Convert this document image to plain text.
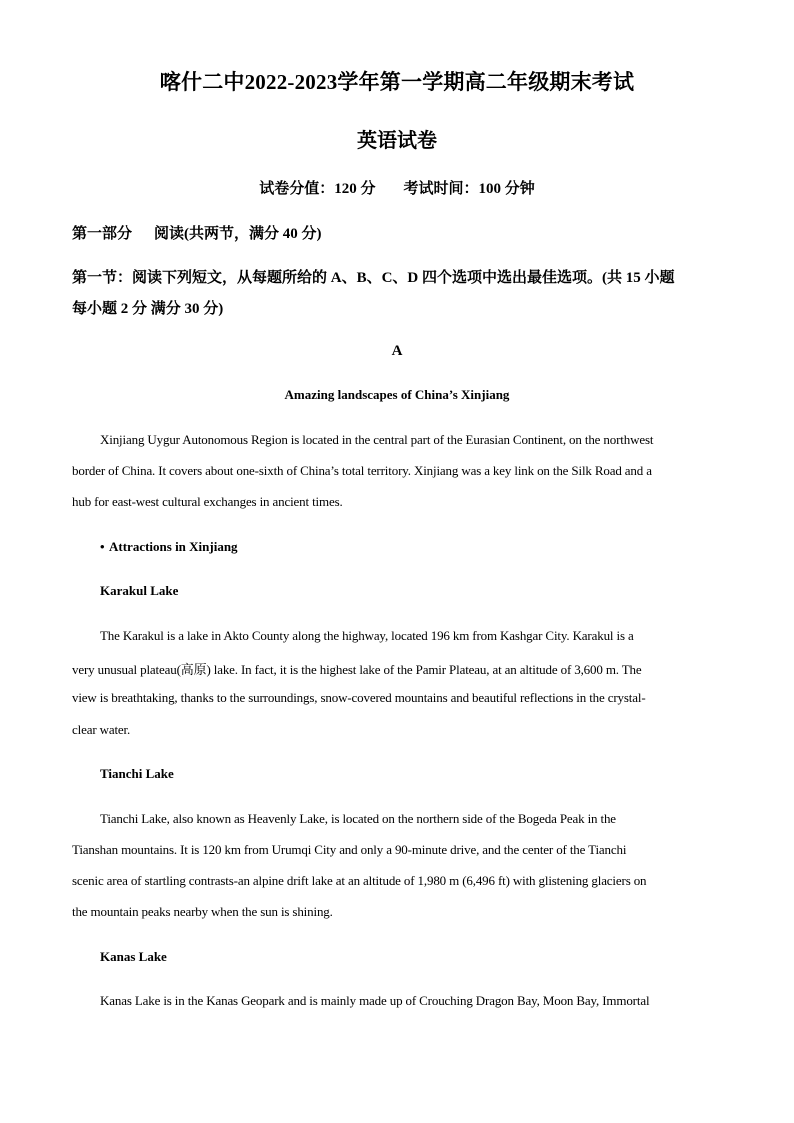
喀什二中2022-2023学年第一学期高二年级期末考试
英语试卷
试卷分值：120 分 考试时间：100 分钟
第一部分 阅读(共两节，满分 40 分)
第一节：阅读下列短文，从每题所给的 A、B、C、D 四个选项中选出最佳选项。(共 15 小题
每小题 2 分 满分 30 分)
A
Amazing landscapes of China’s Xinjiang
Xinjiang Uygur Autonomous Region is located in the central part of the Eurasian Continent, on the northwest
border of China. It covers about one-sixth of China’s total territory. Xinjiang was a key link on the Silk Road and a
hub for east-west cultural exchanges in ancient times.
• Attractions in Xinjiang
Karakul Lake
The Karakul is a lake in Akto County along the highway, located 196 km from Kashgar City. Karakul is a
very unusual plateau(高原) lake. In fact, it is the highest lake of the Pamir Plateau, at an altitude of 3,600 m. The
view is breathtaking, thanks to the surroundings, snow-covered mountains and beautiful reflections in the crystal-
clear water.
Tianchi Lake
Tianchi Lake, also known as Heavenly Lake, is located on the northern side of the Bogeda Peak in the
Tianshan mountains. It is 120 km from Urumqi City and only a 90-minute drive, and the center of the Tianchi
scenic area of startling contrasts-an alpine drift lake at an altitude of 1,980 m (6,496 ft) with glistening glaciers on
the mountain peaks nearby when the sun is shining.
Kanas Lake
Kanas Lake is in the Kanas Geopark and is mainly made up of Crouching Dragon Bay, Moon Bay, Immortal
